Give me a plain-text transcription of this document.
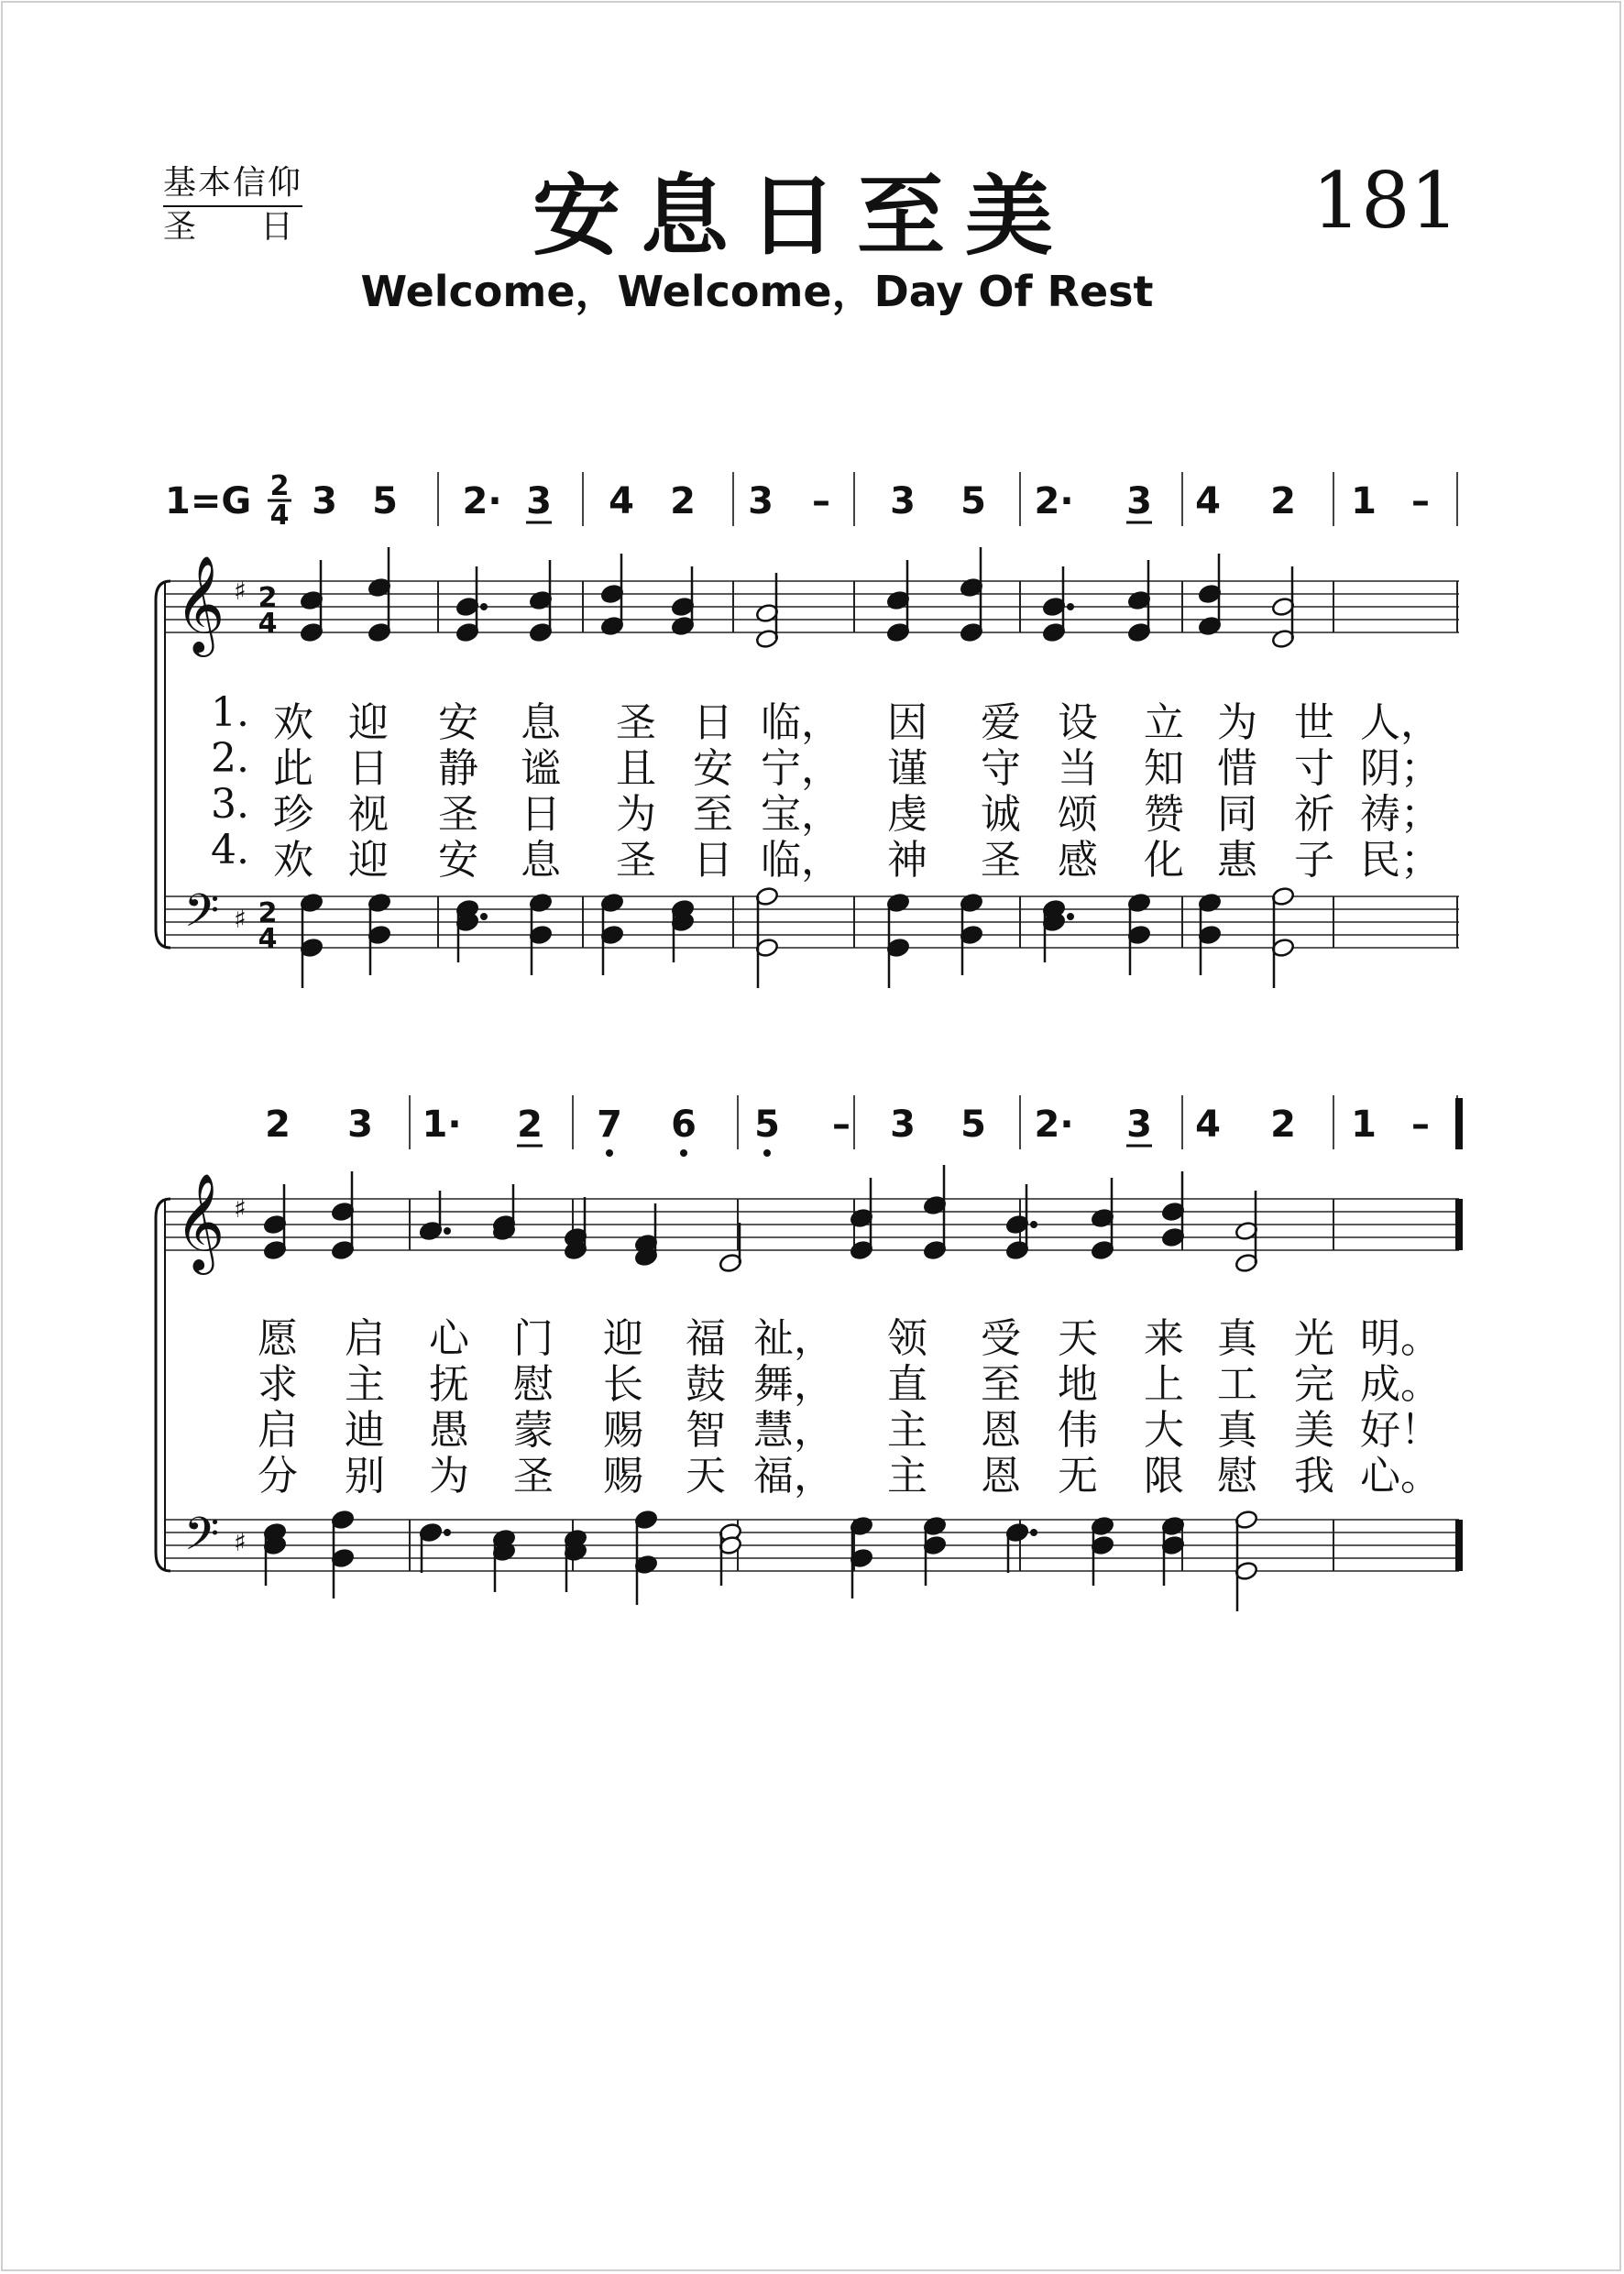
基本信仰
圣 日	安息日至美	181
Welcome，Welcome，Day Of Rest
1=G 2
4 3 5 2· 3 4 2 3 – 3 5 2· 3 4 2 1 –
2 3 1· 2 7 6 5 – 3 5 2· 3 4 2 1 –
𝄞
𝄢
♯
♯
2
4
2
4
𝄞
𝄢
♯
♯
1. 欢 迎 安 息 圣 日 临， 因 爱 设 立 为 世 人，
2. 此 日 静 谧 且 安 宁， 谨 守 当 知 惜 寸 阴；
3. 珍 视 圣 日 为 至 宝， 虔 诚 颂 赞 同 祈 祷；
4. 欢 迎 安 息 圣 日 临， 神 圣 感 化 惠 子 民；
愿 启 心 门 迎 福 祉， 领 受 天 来 真 光 明。
求 主 抚 慰 长 鼓 舞， 直 至 地 上 工 完 成。
启 迪 愚 蒙 赐 智 慧， 主 恩 伟 大 真 美 好！
分 别 为 圣 赐 天 福， 主 恩 无 限 慰 我 心。
